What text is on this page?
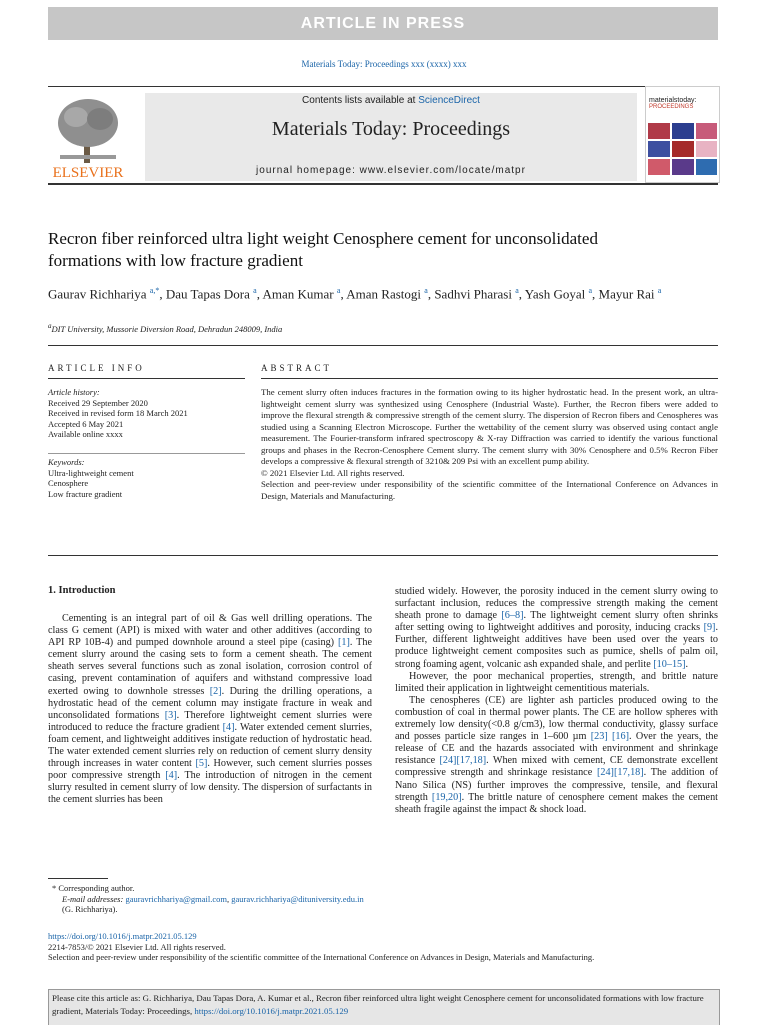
ARTICLE IN PRESS
Materials Today: Proceedings xxx (xxxx) xxx
ELSEVIER
Contents lists available at ScienceDirect
Materials Today: Proceedings
journal homepage: www.elsevier.com/locate/matpr
materialstoday:
PROCEEDINGS
Recron fiber reinforced ultra light weight Cenosphere cement for unconsolidated formations with low fracture gradient
Gaurav Richhariya $^{a,*}$, Dau Tapas Dora $^a$, Aman Kumar $^a$, Aman Rastogi $^a$, Sadhvi Pharasi $^a$, Yash Goyal $^a$, Mayur Rai $^a$
$^a$DIT University, Mussorie Diversion Road, Dehradun 248009, India
ARTICLE INFO
Article history:
Received 29 September 2020
Received in revised form 18 March 2021
Accepted 6 May 2021
Available online xxxx
Keywords:
Ultra-lightweight cement
Cenosphere
Low fracture gradient
ABSTRACT
The cement slurry often induces fractures in the formation owing to its higher hydrostatic head. In the present work, an ultra-lightweight cement slurry was synthesized using Cenosphere (Industrial Waste). Further, the Recron fibers were added to improve the flexural strength & compressive strength of the cement slurry. The dispersion of Recron fibers and Cenospheres was studied using a Scanning Electron Microscope. Further the wettability of the cement slurry was observed using contact angle measurement. The Fourier-transform infrared spectroscopy & X-ray Diffraction was carried to identify the various functional groups and phases in the Recron-Cenosphere Cement slurry. The cement slurry with 30% Cenosphere and 0.5% Recron Fiber develops a compressive & flexural strength of 3210& 209 Psi with an excellent pump ability.
© 2021 Elsevier Ltd. All rights reserved.
Selection and peer-review under responsibility of the scientific committee of the International Conference on Advances in Design, Materials and Manufacturing.
1. Introduction
Cementing is an integral part of oil & Gas well drilling operations. The class G cement (API) is mixed with water and other additives (according to API RP 10B-4) and pumped downhole around a steel pipe (casing) [1]. The cement slurry around the casing sets to form a cement sheath. The cement sheath serves several functions such as zonal isolation, corrosion control of casing, prevent contamination of aquifers and withstand compressive load exerted owing to downhole stresses [2]. During the drilling operations, a hydrostatic head of the cement column may instigate fracture in weak and unconsolidated formations [3]. Therefore lightweight cement slurries were introduced to reduce the fracture gradient [4]. Water extended cement slurries, foam cement, and lightweight additives instigate reduction of hydrostatic head. The water extended cement slurries rely on reduction of cement slurry density through increases in water content [5]. However, such cement slurries posses poor compressive strength [4]. The introduction of nitrogen in the cement slurry resulted in cement slurry of low density. The dispersion of surfactants in the cement slurries has been
studied widely. However, the porosity induced in the cement slurry owing to surfactant inclusion, reduces the compressive strength making the cement sheath prone to damage [6–8]. The lightweight cement slurry often shrinks after setting owing to lightweight additives and porosity, inducing cracks [9]. Further, different lightweight additives have been used over the years to produce lightweight cement composites such as pumice, shells of palm oil, strong foaming agent, volcanic ash expanded shale, and perlite [10–15].
However, the poor mechanical properties, strength, and brittle nature limited their application in lightweight cementitious materials.
The cenospheres (CE) are lighter ash particles produced owing to the combustion of coal in thermal power plants. The CE are hollow spheres with extremely low density(<0.8 g/cm3), low thermal conductivity, glassy surface and posses particle size ranges in 1–600 µm [23] [16]. Over the years, the release of CE and the hazards associated with environment and shrinkage resistance [24][17,18]. When mixed with cement, CE demonstrate excellent compressive strength and shrinkage resistance [24][17,18]. The addition of Nano Silica (NS) further improves the compressive, tensile, and flexural strength [19,20]. The brittle nature of cenosphere cement makes the cement sheath fragile against the impact & shock load.
* Corresponding author.
E-mail addresses: gauravrichhariya@gmail.com, gaurav.richhariya@dituniversity.edu.in (G. Richhariya).
https://doi.org/10.1016/j.matpr.2021.05.129
2214-7853/© 2021 Elsevier Ltd. All rights reserved.
Selection and peer-review under responsibility of the scientific committee of the International Conference on Advances in Design, Materials and Manufacturing.
Please cite this article as: G. Richhariya, Dau Tapas Dora, A. Kumar et al., Recron fiber reinforced ultra light weight Cenosphere cement for unconsolidated formations with low fracture gradient, Materials Today: Proceedings, https://doi.org/10.1016/j.matpr.2021.05.129
